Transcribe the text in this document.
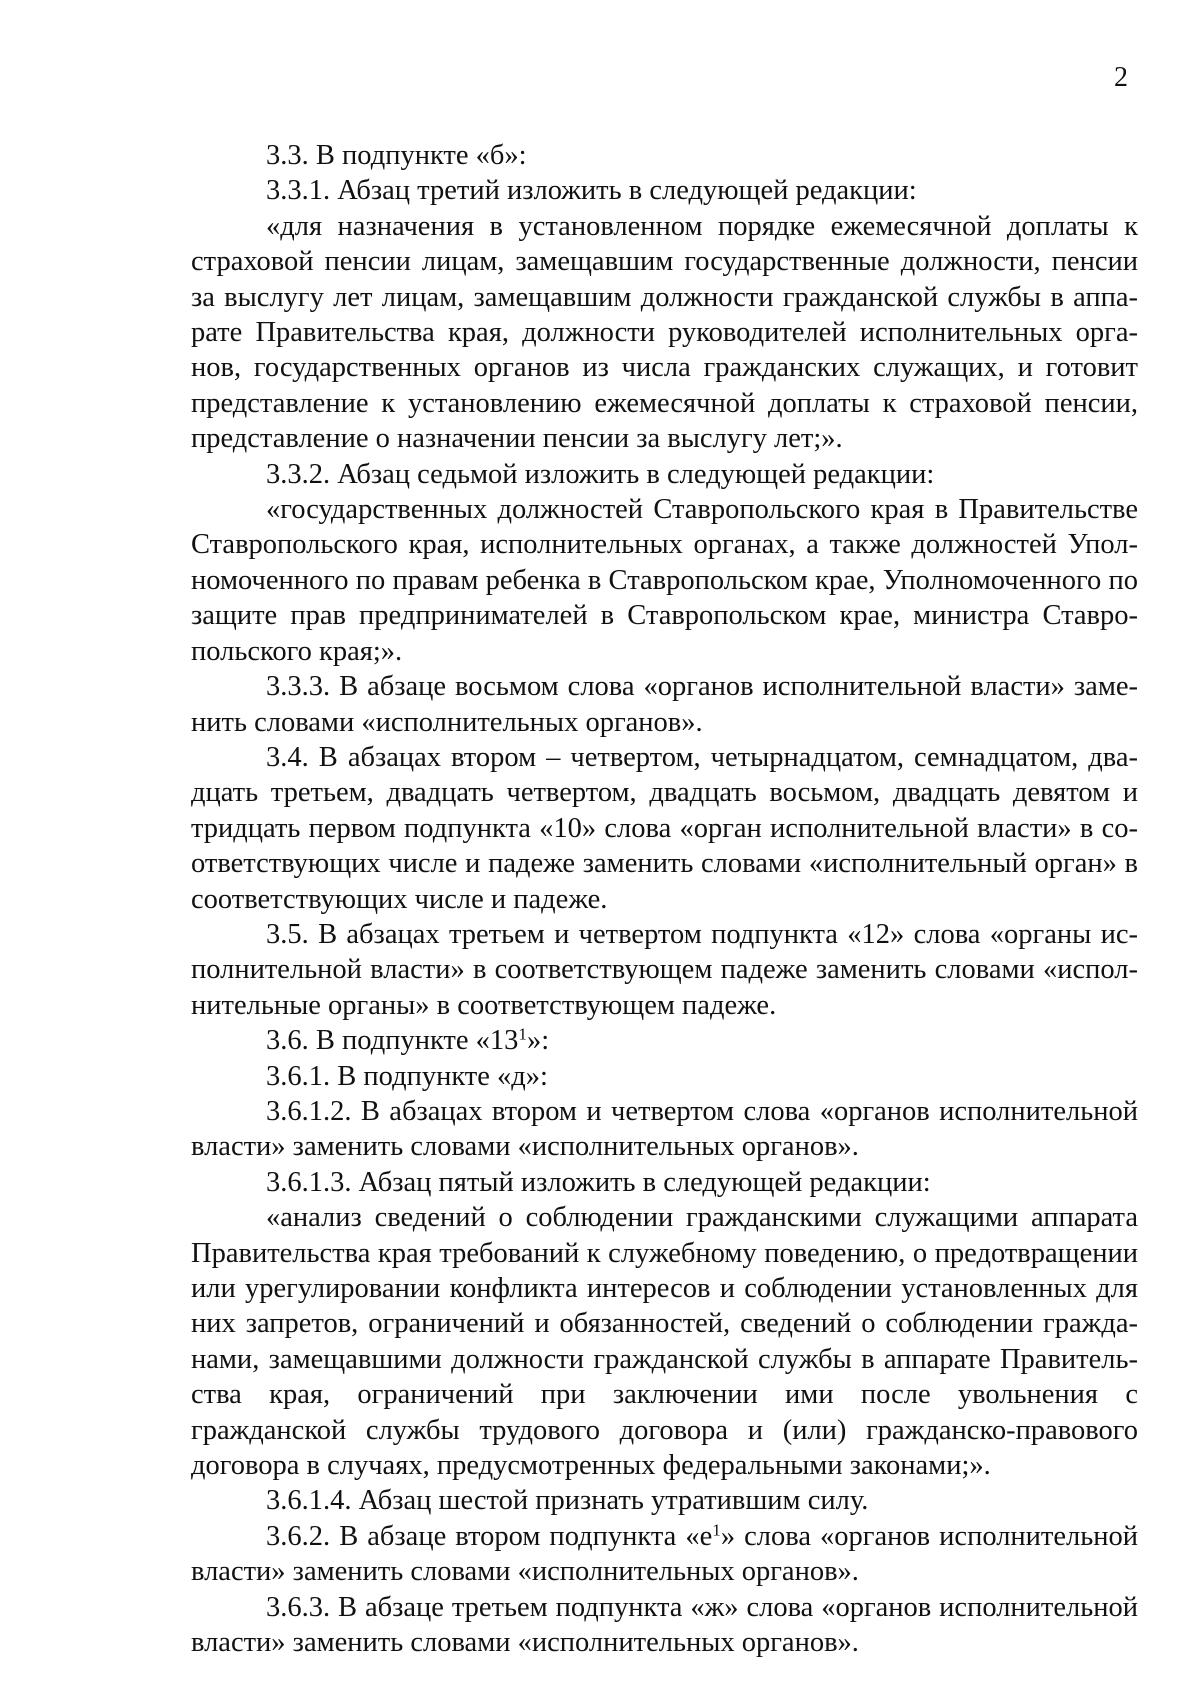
2

3.3. В подпункте «б»:

3.3.1. Абзац третий изложить в следующей редакции:

«для назначения в установленном порядке ежемесячной доплаты к страховой пенсии лицам, замещавшим государственные должности, пенсии за выслугу лет лицам, замещавшим должности гражданской службы в аппарате Правительства края, должности руководителей исполнительных органов, государственных органов из числа гражданских служащих, и готовит представление к установлению ежемесячной доплаты к страховой пенсии, представление о назначении пенсии за выслугу лет;».

3.3.2. Абзац седьмой изложить в следующей редакции:

«государственных должностей Ставропольского края в Правительстве Ставропольского края, исполнительных органах, а также должностей Уполномоченного по правам ребенка в Ставропольском крае, Уполномоченного по защите прав предпринимателей в Ставропольском крае, министра Ставропольского края;».

3.3.3. В абзаце восьмом слова «органов исполнительной власти» заменить словами «исполнительных органов».

3.4. В абзацах втором – четвертом, четырнадцатом, семнадцатом, двадцать третьем, двадцать четвертом, двадцать восьмом, двадцать девятом и тридцать первом подпункта «10» слова «орган исполнительной власти» в соответствующих числе и падеже заменить словами «исполнительный орган» в соответствующих числе и падеже.

3.5. В абзацах третьем и четвертом подпункта «12» слова «органы исполнительной власти» в соответствующем падеже заменить словами «исполнительные органы» в соответствующем падеже.

3.6. В подпункте «$13^1$»:

3.6.1. В подпункте «д»:

3.6.1.2. В абзацах втором и четвертом слова «органов исполнительной власти» заменить словами «исполнительных органов».

3.6.1.3. Абзац пятый изложить в следующей редакции:

«анализ сведений о соблюдении гражданскими служащими аппарата Правительства края требований к служебному поведению, о предотвращении или урегулировании конфликта интересов и соблюдении установленных для них запретов, ограничений и обязанностей, сведений о соблюдении гражданами, замещавшими должности гражданской службы в аппарате Правительства края, ограничений при заключении ими после увольнения с гражданской службы трудового договора и (или) гражданско-правового договора в случаях, предусмотренных федеральными законами;».

3.6.1.4. Абзац шестой признать утратившим силу.

3.6.2. В абзаце втором подпункта «$е^1$» слова «органов исполнительной власти» заменить словами «исполнительных органов».

3.6.3. В абзаце третьем подпункта «ж» слова «органов исполнительной власти» заменить словами «исполнительных органов».
